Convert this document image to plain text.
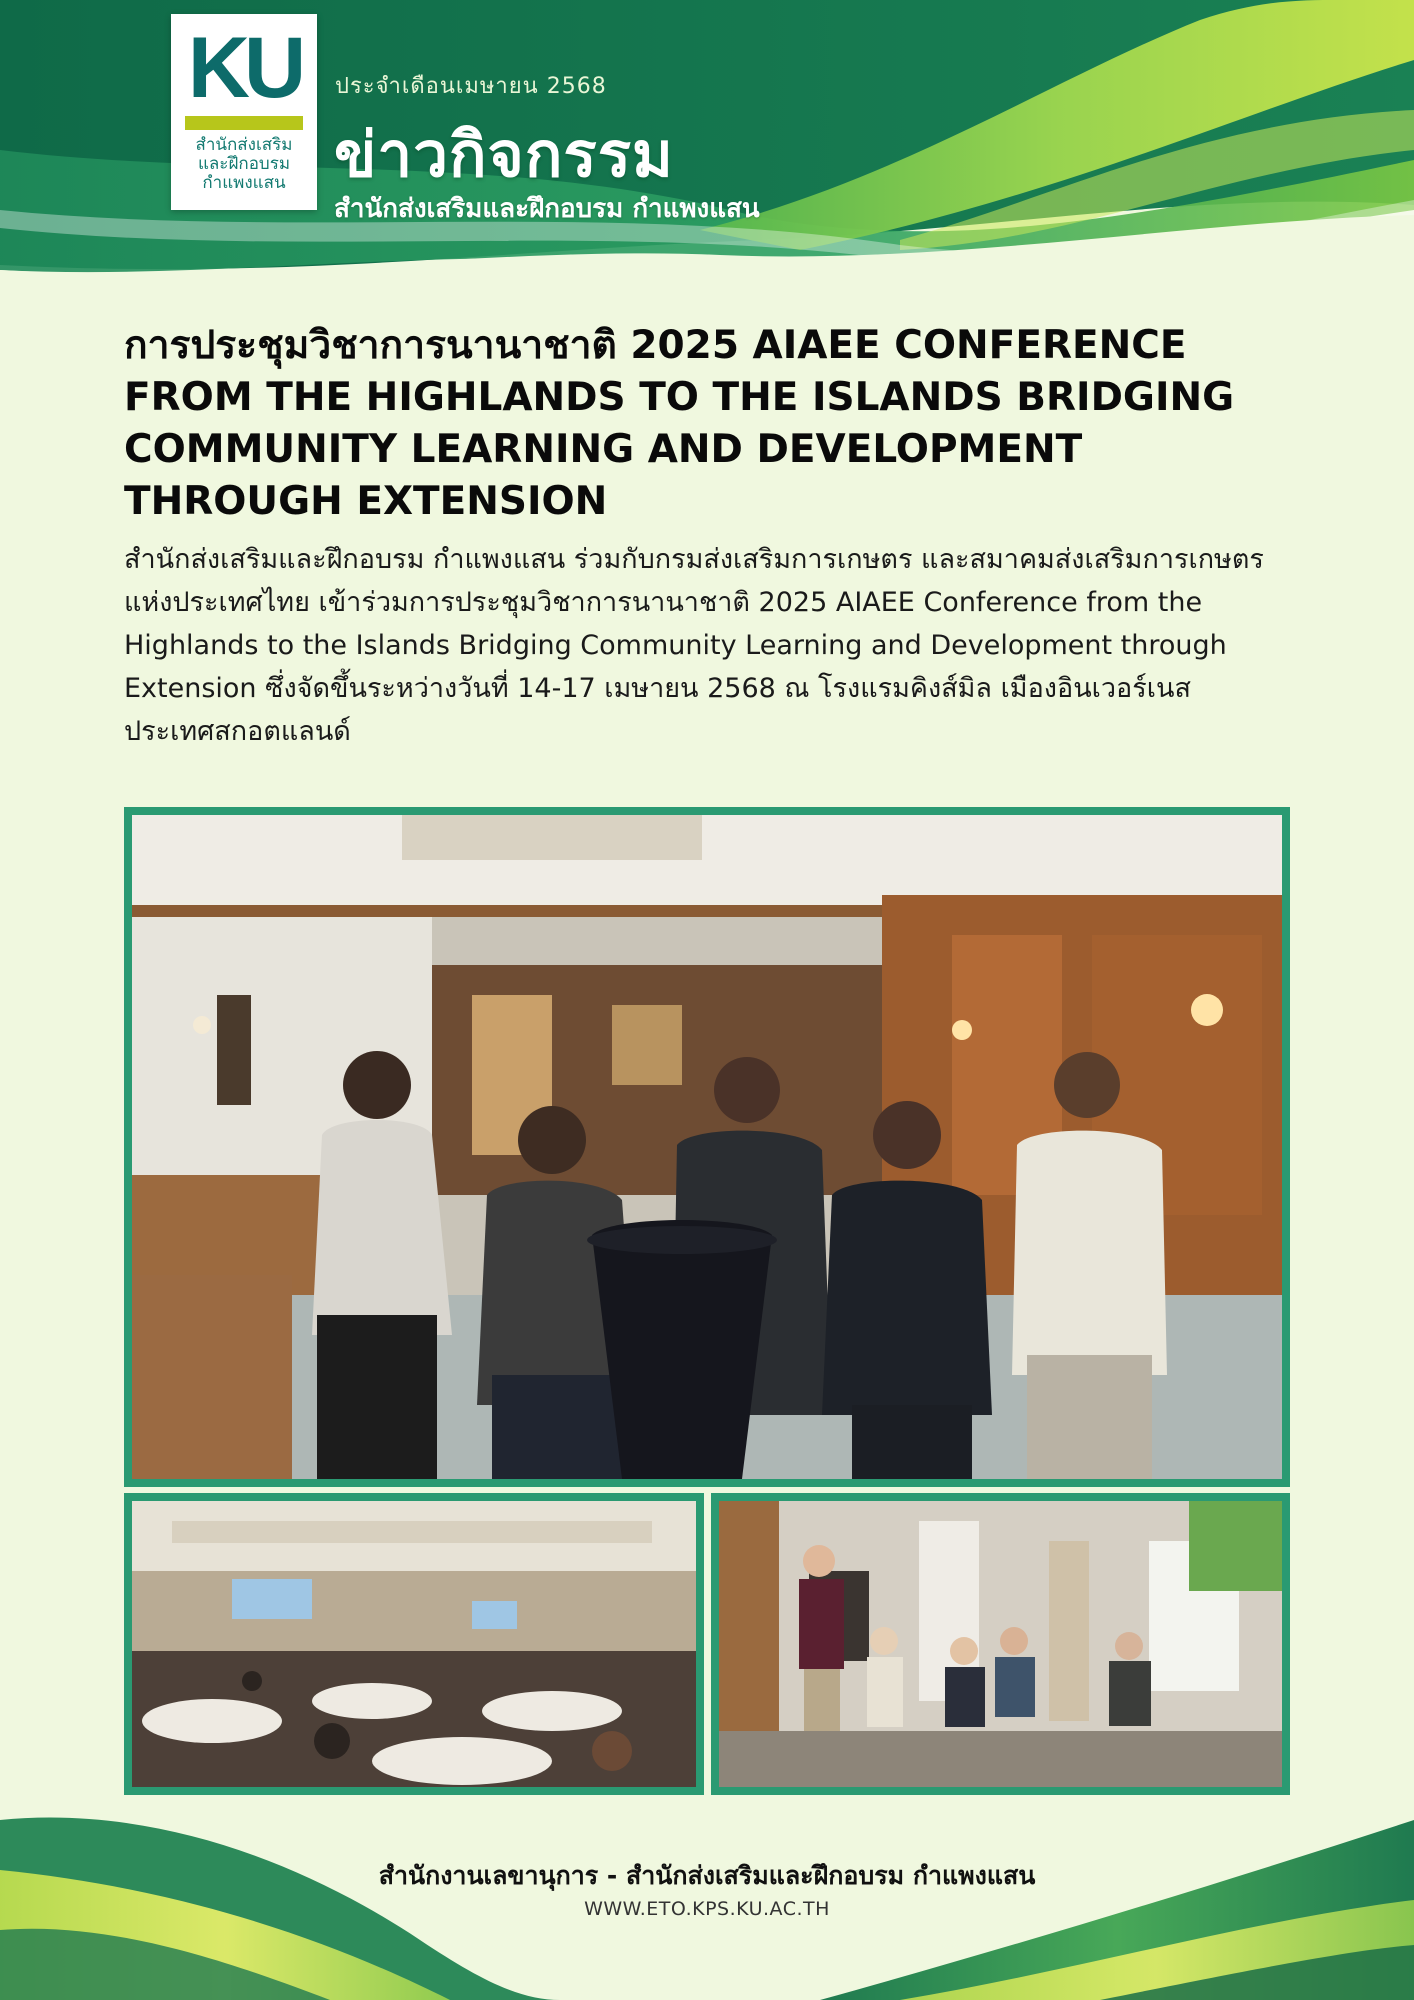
KU
สำนักส่งเสริม
และฝึกอบรม
กำแพงแสน
ประจำเดือนเมษายน 2568
ข่าวกิจกรรม
สำนักส่งเสริมและฝึกอบรม กำแพงแสน
การประชุมวิชาการนานาชาติ 2025 AIAEE CONFERENCE FROM THE HIGHLANDS TO THE ISLANDS BRIDGING COMMUNITY LEARNING AND DEVELOPMENT THROUGH EXTENSION

สำนักส่งเสริมและฝึกอบรม กำแพงแสน ร่วมกับกรมส่งเสริมการเกษตร และสมาคมส่งเสริมการเกษตรแห่งประเทศไทย เข้าร่วมการประชุมวิชาการนานาชาติ 2025 AIAEE Conference from the Highlands to the Islands Bridging Community Learning and Development through Extension ซึ่งจัดขึ้นระหว่างวันที่ 14-17 เมษายน 2568 ณ โรงแรมคิงส์มิล เมืองอินเวอร์เนส ประเทศสกอตแลนด์

สำนักงานเลขานุการ - สำนักส่งเสริมและฝึกอบรม กำแพงแสน
WWW.ETO.KPS.KU.AC.TH
